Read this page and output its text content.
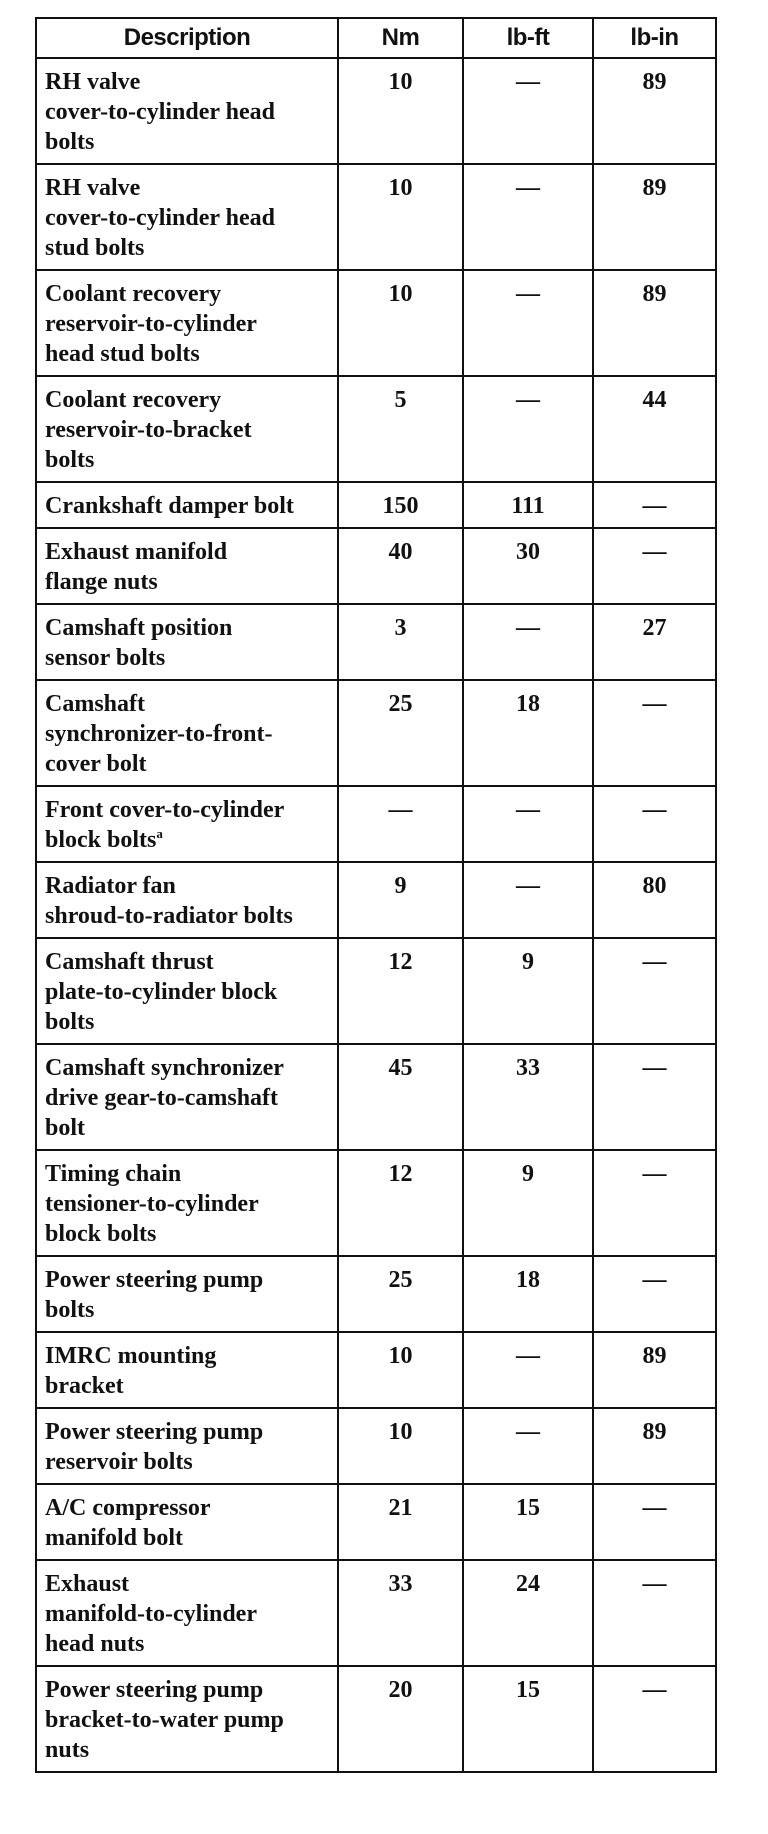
Description	Nm	lb-ft	lb-in

RH valve
cover-to-cylinder head
bolts	10	—	89

RH valve
cover-to-cylinder head
stud bolts	10	—	89

Coolant recovery
reservoir-to-cylinder
head stud bolts	10	—	89

Coolant recovery
reservoir-to-bracket
bolts	5	—	44

Crankshaft damper bolt	150	111	—

Exhaust manifold
flange nuts	40	30	—

Camshaft position
sensor bolts	3	—	27

Camshaft
synchronizer-to-front-
cover bolt	25	18	—

Front cover-to-cylinder
block bolts$^a$	—	—	—

Radiator fan
shroud-to-radiator bolts	9	—	80

Camshaft thrust
plate-to-cylinder block
bolts	12	9	—

Camshaft synchronizer
drive gear-to-camshaft
bolt	45	33	—

Timing chain
tensioner-to-cylinder
block bolts	12	9	—

Power steering pump
bolts	25	18	—

IMRC mounting
bracket	10	—	89

Power steering pump
reservoir bolts	10	—	89

A/C compressor
manifold bolt	21	15	—

Exhaust
manifold-to-cylinder
head nuts	33	24	—

Power steering pump
bracket-to-water pump
nuts	20	15	—
